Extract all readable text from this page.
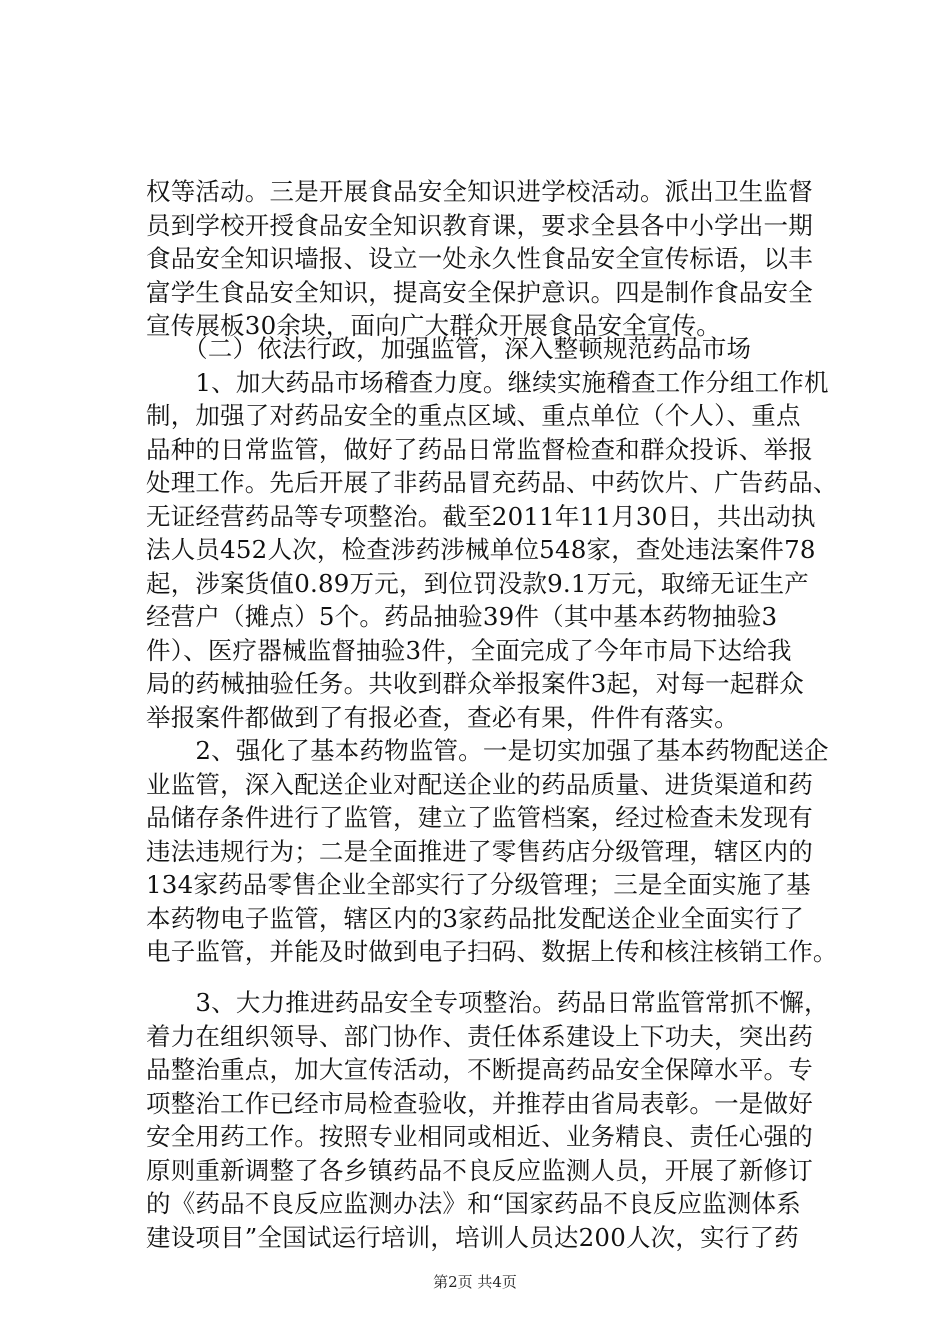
权等活动。三是开展食品安全知识进学校活动。派出卫生监督
员到学校开授食品安全知识教育课，要求全县各中小学出一期
食品安全知识墙报、设立一处永久性食品安全宣传标语，以丰
富学生食品安全知识，提高安全保护意识。四是制作食品安全
宣传展板30余块，面向广大群众开展食品安全宣传。
　　（二）依法行政，加强监管，深入整顿规范药品市场
　　1、加大药品市场稽查力度。继续实施稽查工作分组工作机
制，加强了对药品安全的重点区域、重点单位（个人）、重点
品种的日常监管，做好了药品日常监督检查和群众投诉、举报
处理工作。先后开展了非药品冒充药品、中药饮片、广告药品、
无证经营药品等专项整治。截至2011年11月30日，共出动执
法人员452人次，检查涉药涉械单位548家，查处违法案件78
起，涉案货值0.89万元，到位罚没款9.1万元，取缔无证生产
经营户（摊点）5个。药品抽验39件（其中基本药物抽验3
件）、医疗器械监督抽验3件，全面完成了今年市局下达给我
局的药械抽验任务。共收到群众举报案件3起，对每一起群众
举报案件都做到了有报必查，查必有果，件件有落实。
　　2、强化了基本药物监管。一是切实加强了基本药物配送企
业监管，深入配送企业对配送企业的药品质量、进货渠道和药
品储存条件进行了监管，建立了监管档案，经过检查未发现有
违法违规行为；二是全面推进了零售药店分级管理，辖区内的
134家药品零售企业全部实行了分级管理；三是全面实施了基
本药物电子监管，辖区内的3家药品批发配送企业全面实行了
电子监管，并能及时做到电子扫码、数据上传和核注核销工作。
　　3、大力推进药品安全专项整治。药品日常监管常抓不懈，
着力在组织领导、部门协作、责任体系建设上下功夫，突出药
品整治重点，加大宣传活动，不断提高药品安全保障水平。专
项整治工作已经市局检查验收，并推荐由省局表彰。一是做好
安全用药工作。按照专业相同或相近、业务精良、责任心强的
原则重新调整了各乡镇药品不良反应监测人员，开展了新修订
的《药品不良反应监测办法》和“国家药品不良反应监测体系
建设项目”全国试运行培训，培训人员达200人次，实行了药
第2页 共4页
